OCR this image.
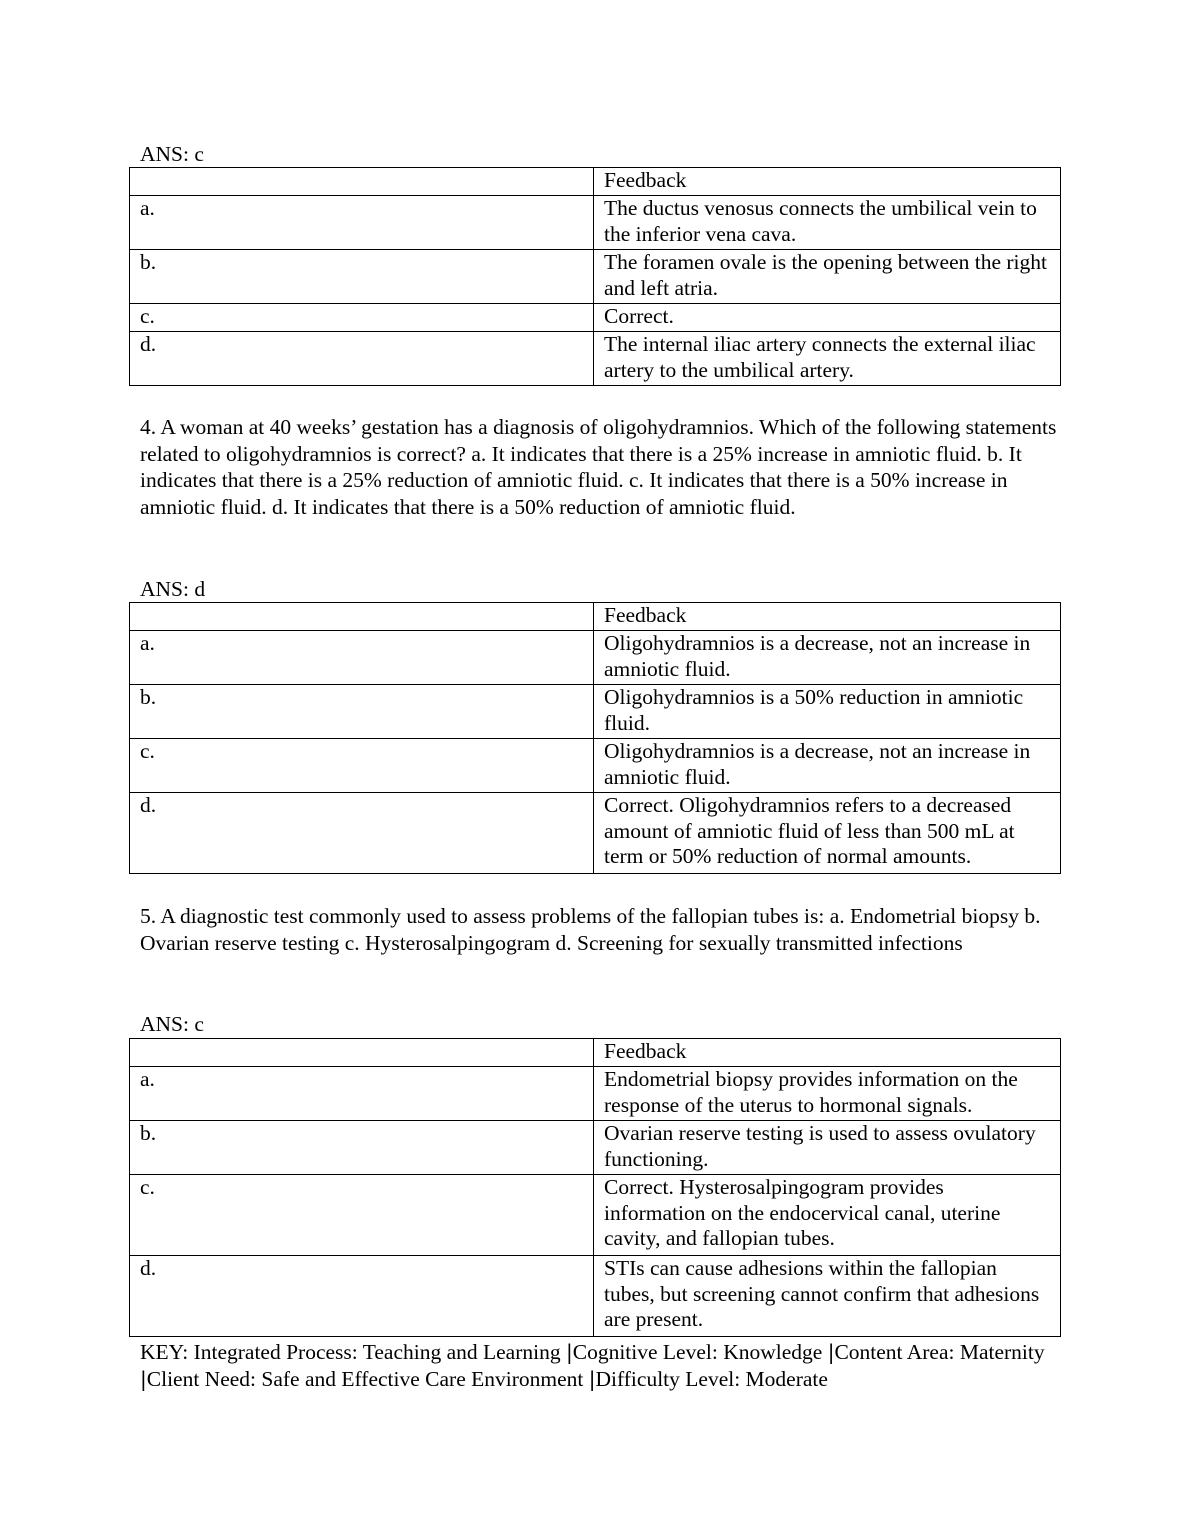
ANS: c

	Feedback
a.	The ductus venosus connects the umbilical vein to the inferior vena cava.
b.	The foramen ovale is the opening between the right and left atria.
c.	Correct.
d.	The internal iliac artery connects the external iliac artery to the umbilical artery.

4. A woman at 40 weeks’ gestation has a diagnosis of oligohydramnios. Which of the following statements related to oligohydramnios is correct? a. It indicates that there is a 25% increase in amniotic fluid. b. It indicates that there is a 25% reduction of amniotic fluid. c. It indicates that there is a 50% increase in amniotic fluid. d. It indicates that there is a 50% reduction of amniotic fluid.

ANS: d

	Feedback
a.	Oligohydramnios is a decrease, not an increase in amniotic fluid.
b.	Oligohydramnios is a 50% reduction in amniotic fluid.
c.	Oligohydramnios is a decrease, not an increase in amniotic fluid.
d.	Correct. Oligohydramnios refers to a decreased amount of amniotic fluid of less than 500 mL at term or 50% reduction of normal amounts.

5. A diagnostic test commonly used to assess problems of the fallopian tubes is: a. Endometrial biopsy b. Ovarian reserve testing c. Hysterosalpingogram d. Screening for sexually transmitted infections

ANS: c

	Feedback
a.	Endometrial biopsy provides information on the response of the uterus to hormonal signals.
b.	Ovarian reserve testing is used to assess ovulatory functioning.
c.	Correct. Hysterosalpingogram provides information on the endocervical canal, uterine cavity, and fallopian tubes.
d.	STIs can cause adhesions within the fallopian tubes, but screening cannot confirm that adhesions are present.

KEY: Integrated Process: Teaching and Learning |Cognitive Level: Knowledge |Content Area: Maternity |Client Need: Safe and Effective Care Environment |Difficulty Level: Moderate
